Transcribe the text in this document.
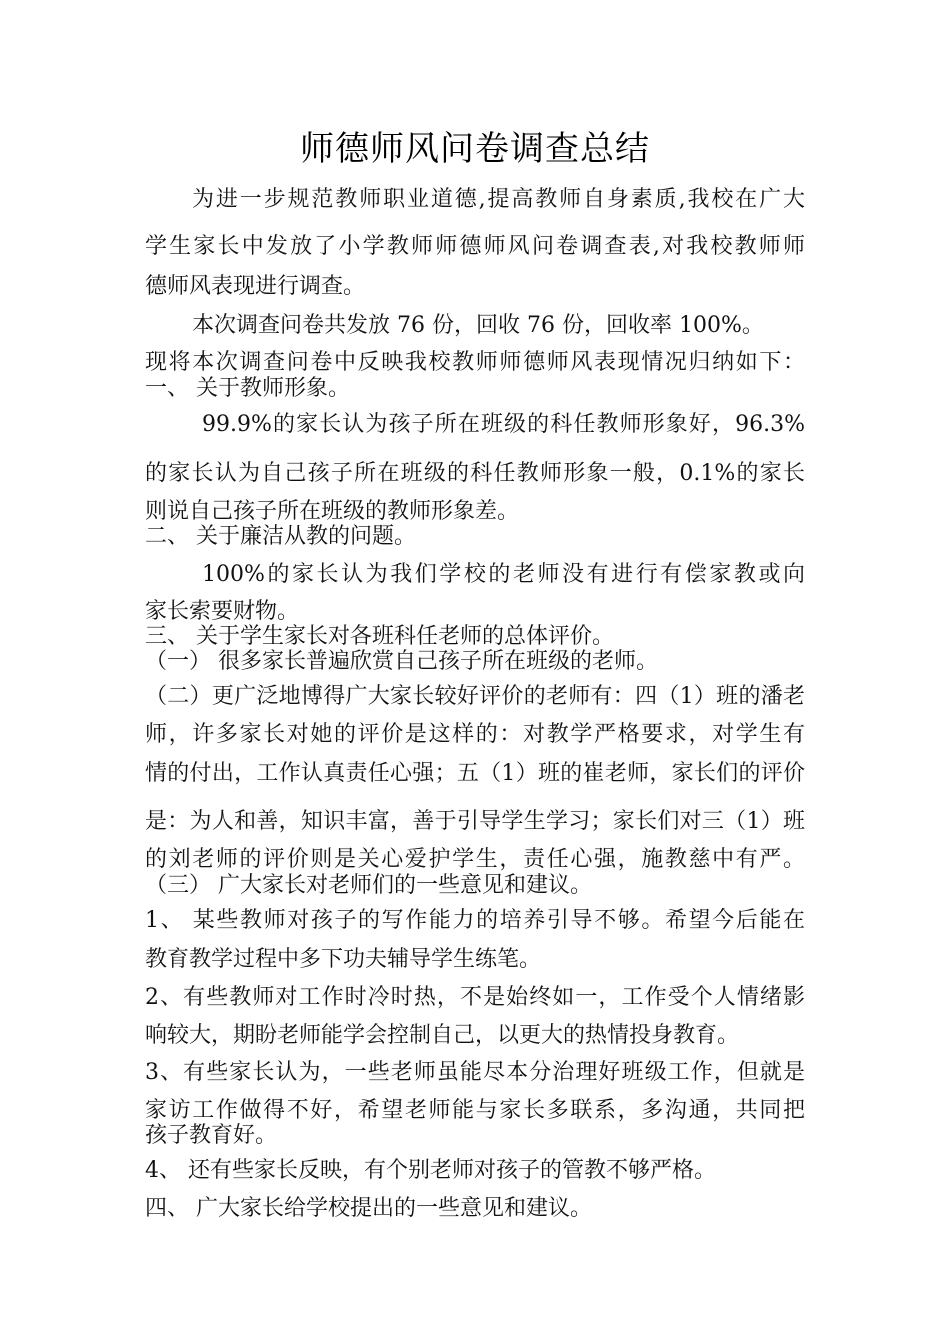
师德师风问卷调查总结
为进一步规范教师职业道德,提高教师自身素质,我校在广大
学生家长中发放了小学教师师德师风问卷调查表,对我校教师师
德师风表现进行调查。
本次调查问卷共发放 76 份，回收 76 份，回收率 100%。
现将本次调查问卷中反映我校教师师德师风表现情况归纳如下：
一、 关于教师形象。
99.9%的家长认为孩子所在班级的科任教师形象好，96.3%
的家长认为自己孩子所在班级的科任教师形象一般，0.1%的家长
则说自己孩子所在班级的教师形象差。
二、 关于廉洁从教的问题。
100%的家长认为我们学校的老师没有进行有偿家教或向
家长索要财物。
三、 关于学生家长对各班科任老师的总体评价。
（一） 很多家长普遍欣赏自己孩子所在班级的老师。
（二）更广泛地博得广大家长较好评价的老师有：四（1）班的潘老
师，许多家长对她的评价是这样的：对教学严格要求，对学生有
情的付出，工作认真责任心强；五（1）班的崔老师，家长们的评价
是：为人和善，知识丰富，善于引导学生学习；家长们对三（1）班
的刘老师的评价则是关心爱护学生，责任心强，施教慈中有严。
（三） 广大家长对老师们的一些意见和建议。
1、 某些教师对孩子的写作能力的培养引导不够。希望今后能在
教育教学过程中多下功夫辅导学生练笔。
2、有些教师对工作时冷时热，不是始终如一，工作受个人情绪影
响较大，期盼老师能学会控制自己，以更大的热情投身教育。
3、有些家长认为，一些老师虽能尽本分治理好班级工作，但就是
家访工作做得不好，希望老师能与家长多联系，多沟通，共同把
孩子教育好。
4、 还有些家长反映，有个别老师对孩子的管教不够严格。
四、 广大家长给学校提出的一些意见和建议。
